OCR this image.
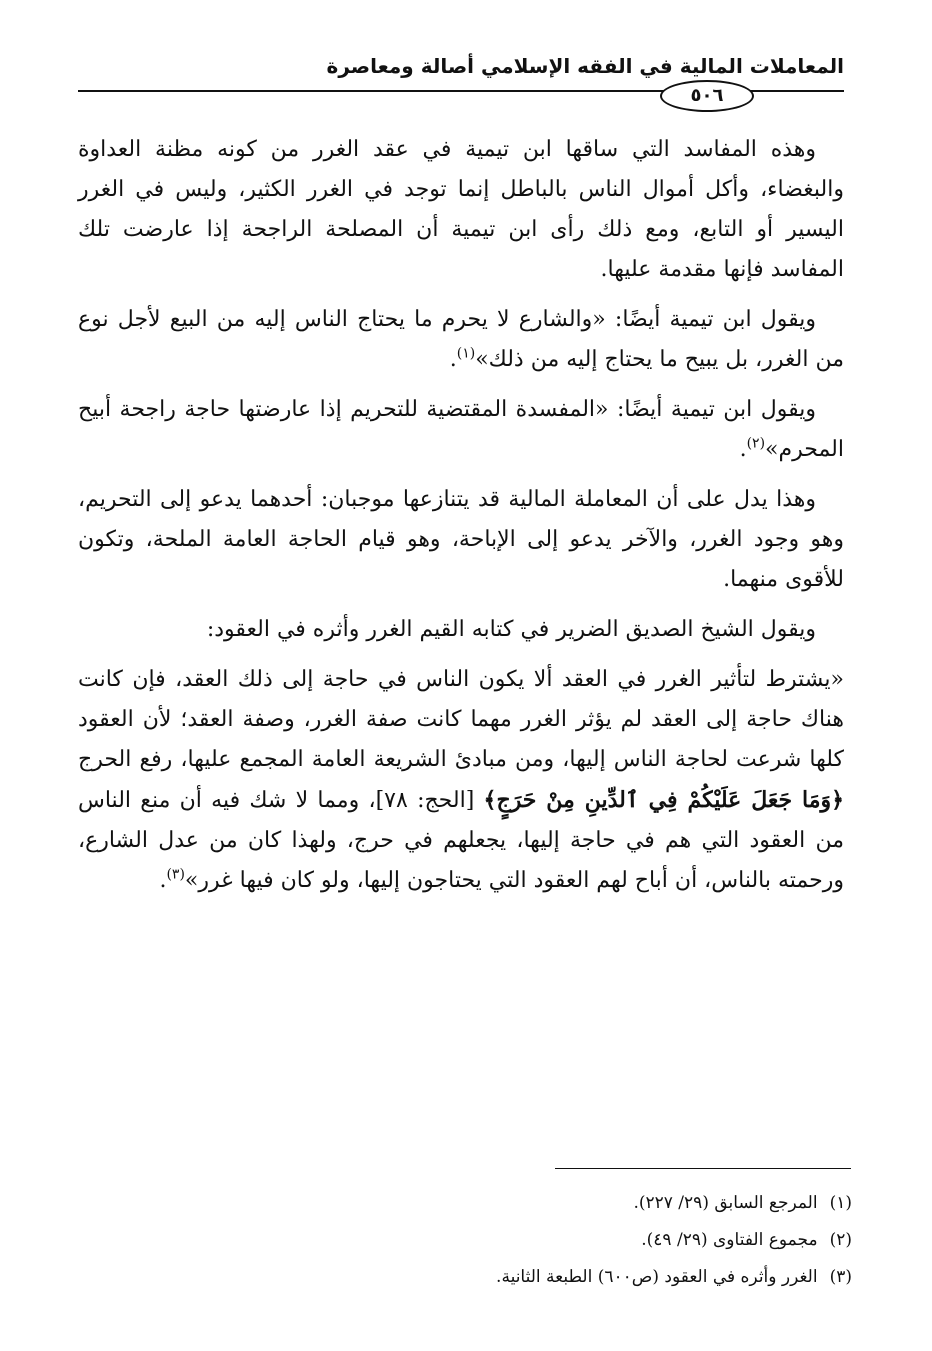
المعاملات المالية في الفقه الإسلامي أصالة ومعاصرة
٥٠٦

وهذه المفاسد التي ساقها ابن تيمية في عقد الغرر من كونه مظنة العداوة والبغضاء، وأكل أموال الناس بالباطل إنما توجد في الغرر الكثير، وليس في الغرر اليسير أو التابع، ومع ذلك رأى ابن تيمية أن المصلحة الراجحة إذا عارضت تلك المفاسد فإنها مقدمة عليها.

ويقول ابن تيمية أيضًا: «والشارع لا يحرم ما يحتاج الناس إليه من البيع لأجل نوع من الغرر، بل يبيح ما يحتاج إليه من ذلك»$^{(١)}$.

ويقول ابن تيمية أيضًا: «المفسدة المقتضية للتحريم إذا عارضتها حاجة راجحة أبيح المحرم»$^{(٢)}$.

وهذا يدل على أن المعاملة المالية قد يتنازعها موجبان: أحدهما يدعو إلى التحريم، وهو وجود الغرر، والآخر يدعو إلى الإباحة، وهو قيام الحاجة العامة الملحة، وتكون للأقوى منهما.

ويقول الشيخ الصديق الضرير في كتابه القيم الغرر وأثره في العقود:

«يشترط لتأثير الغرر في العقد ألا يكون الناس في حاجة إلى ذلك العقد، فإن كانت هناك حاجة إلى العقد لم يؤثر الغرر مهما كانت صفة الغرر، وصفة العقد؛ لأن العقود كلها شرعت لحاجة الناس إليها، ومن مبادئ الشريعة العامة المجمع عليها، رفع الحرج ﴿وَمَا جَعَلَ عَلَيْكُمْ فِي ٱلدِّينِ مِنْ حَرَجٍ﴾ [الحج: ٧٨]، ومما لا شك فيه أن منع الناس من العقود التي هم في حاجة إليها، يجعلهم في حرج، ولهذا كان من عدل الشارع، ورحمته بالناس، أن أباح لهم العقود التي يحتاجون إليها، ولو كان فيها غرر»$^{(٣)}$.

(١)المرجع السابق (٢٩/ ٢٢٧).
(٢)مجموع الفتاوى (٢٩/ ٤٩).
(٣)الغرر وأثره في العقود (ص٦٠٠) الطبعة الثانية.
